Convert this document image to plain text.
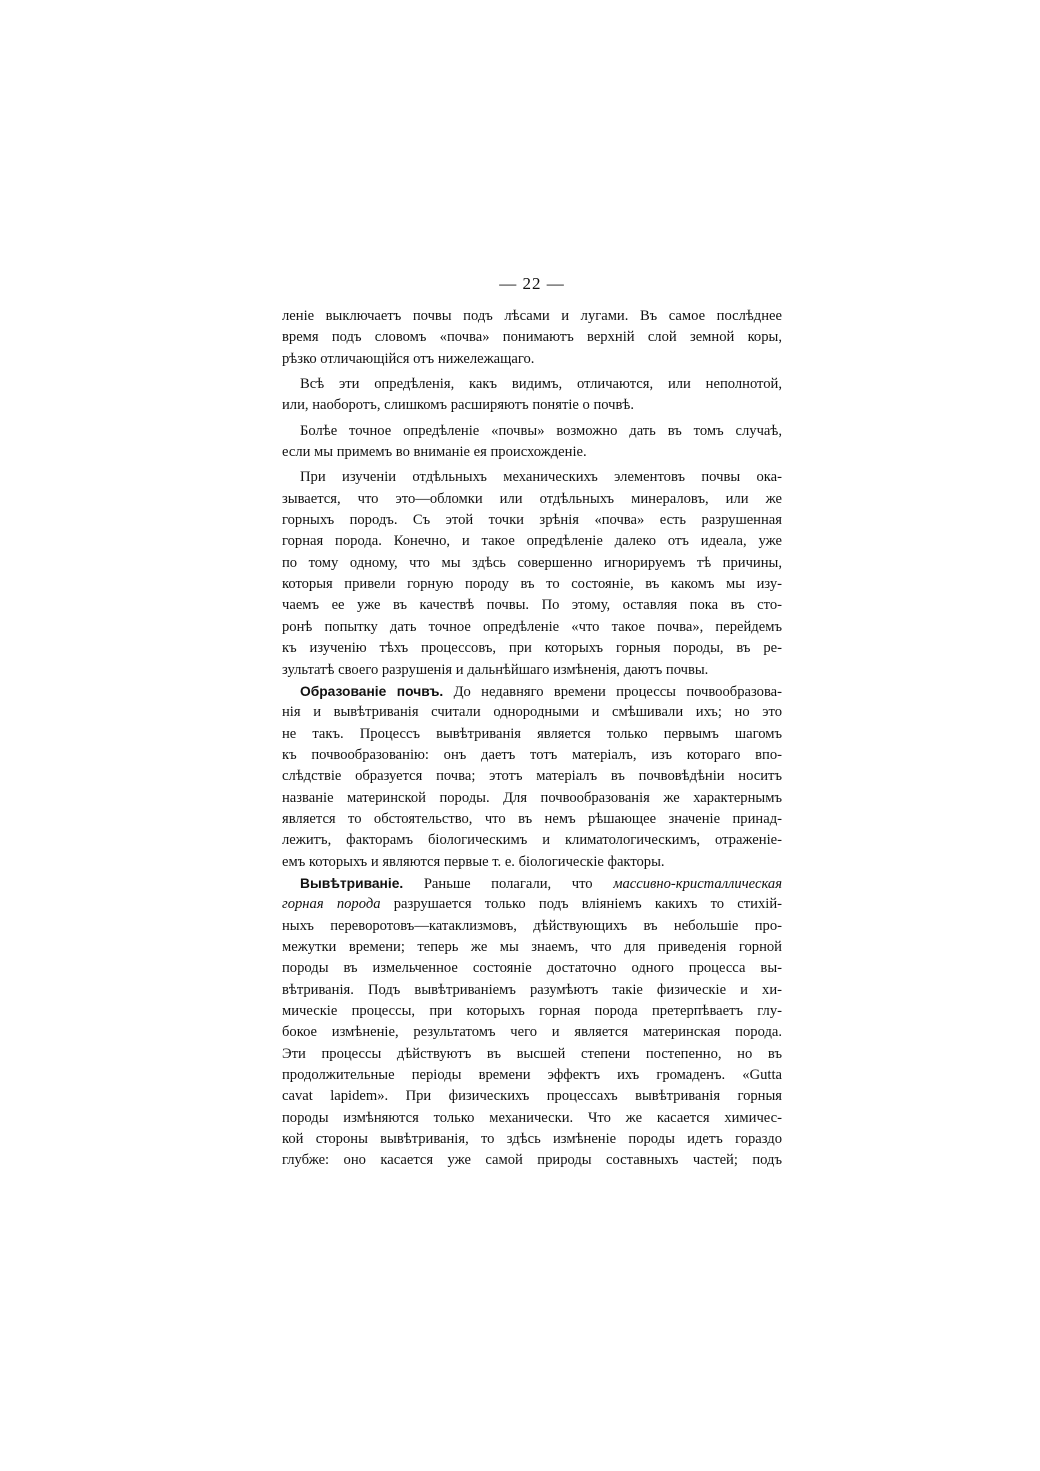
— 22 —
леніе выключаетъ почвы подъ лѣсами и лугами. Въ самое послѣднее
время подъ словомъ «почва» понимаютъ верхній слой земной коры,
рѣзко отличающійся отъ нижележащаго.
Всѣ эти опредѣленія, какъ видимъ, отличаются, или неполнотой,
или, наоборотъ, слишкомъ расширяютъ понятіе о почвѣ.
Болѣе точное опредѣленіе «почвы» возможно дать въ томъ случаѣ,
если мы примемъ во вниманіе ея происхожденіе.
При изученіи отдѣльныхъ механическихъ элементовъ почвы ока-
зывается, что это—обломки или отдѣльныхъ минераловъ, или же
горныхъ породъ. Съ этой точки зрѣнія «почва» есть разрушенная
горная порода. Конечно, и такое опредѣленіе далеко отъ идеала, уже
по тому одному, что мы здѣсь совершенно игнорируемъ тѣ причины,
которыя привели горную породу въ то состояніе, въ какомъ мы изу-
чаемъ ее уже въ качествѣ почвы. По этому, оставляя пока въ сто-
ронѣ попытку дать точное опредѣленіе «что такое почва», перейдемъ
къ изученію тѣхъ процессовъ, при которыхъ горныя породы, въ ре-
зультатѣ своего разрушенія и дальнѣйшаго измѣненія, даютъ почвы.
Образованіе почвъ. До недавняго времени процессы почвообразова-
нія и вывѣтриванія считали однородными и смѣшивали ихъ; но это
не такъ. Процессъ вывѣтриванія является только первымъ шагомъ
къ почвообразованію: онъ даетъ тотъ матеріалъ, изъ котораго впо-
слѣдствіе образуется почва; этотъ матеріалъ въ почвовѣдѣніи носитъ
названіе материнской породы. Для почвообразованія же характернымъ
является то обстоятельство, что въ немъ рѣшающее значеніе принад-
лежитъ, факторамъ біологическимъ и климатологическимъ, отраженіе-
емъ которыхъ и являются первые т. е. біологическіе факторы.
Вывѣтриваніе. Раньше полагали, что массивно-кристаллическая
горная порода разрушается только подъ вліяніемъ какихъ то стихій-
ныхъ переворотовъ—катаклизмовъ, дѣйствующихъ въ небольшіе про-
межутки времени; теперь же мы знаемъ, что для приведенія горной
породы въ измельченное состояніе достаточно одного процесса вы-
вѣтриванія. Подъ вывѣтриваніемъ разумѣютъ такіе физическіе и хи-
мическіе процессы, при которыхъ горная порода претерпѣваетъ глу-
бокое измѣненіе, результатомъ чего и является материнская порода.
Эти процессы дѣйствуютъ въ высшей степени постепенно, но въ
продолжительные періоды времени эффектъ ихъ громаденъ. «Gutta
cavat lapidem». При физическихъ процессахъ вывѣтриванія горныя
породы измѣняются только механически. Что же касается химичес-
кой стороны вывѣтриванія, то здѣсь измѣненіе породы идетъ гораздо
глубже: оно касается уже самой природы составныхъ частей; подъ
